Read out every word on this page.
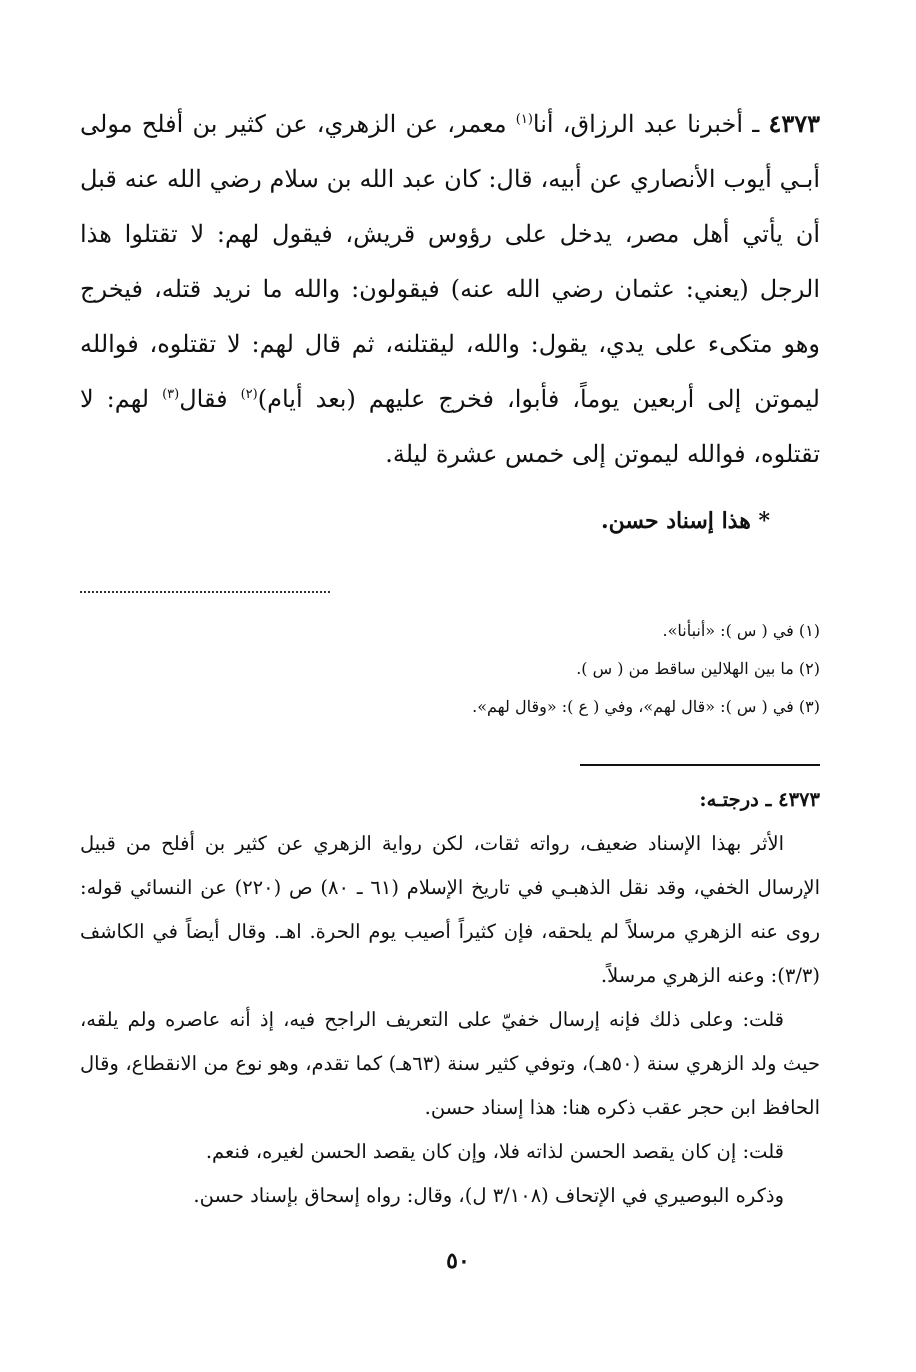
٤٣٧٣ ـ أخبرنا عبد الرزاق، أنا$^{(١)}$ معمر، عن الزهري، عن كثير بن أفلح مولى أبـي أيوب الأنصاري عن أبيه، قال: كان عبد الله بن سلام رضي الله عنه قبل أن يأتي أهل مصر، يدخل على رؤوس قريش، فيقول لهم: لا تقتلوا هذا الرجل (يعني: عثمان رضي الله عنه) فيقولون: والله ما نريد قتله، فيخرج وهو متكىء على يدي، يقول: والله، ليقتلنه، ثم قال لهم: لا تقتلوه، فوالله ليموتن إلى أربعين يوماً، فأبوا، فخرج عليهم (بعد أيام)$^{(٢)}$ فقال$^{(٣)}$ لهم: لا تقتلوه، فوالله ليموتن إلى خمس عشرة ليلة.

* هذا إسناد حسن.
(١) في ( س ): «أنبأنا».
(٢) ما بين الهلالين ساقط من ( س ).
(٣) في ( س ): «قال لهم»، وفي ( ع ): «وقال لهم».
٤٣٧٣ ـ درجتـه:

الأثر بهذا الإسناد ضعيف، رواته ثقات، لكن رواية الزهري عن كثير بن أفلح من قبيل الإرسال الخفي، وقد نقل الذهبـي في تاريخ الإسلام (٦١ ـ ٨٠) ص (٢٢٠) عن النسائي قوله: روى عنه الزهري مرسلاً لم يلحقه، فإن كثيراً أصيب يوم الحرة. اهـ. وقال أيضاً في الكاشف (٣/٣): وعنه الزهري مرسلاً.

قلت: وعلى ذلك فإنه إرسال خفيّ على التعريف الراجح فيه، إذ أنه عاصره ولم يلقه، حيث ولد الزهري سنة (٥٠هـ)، وتوفي كثير سنة (٦٣هـ) كما تقدم، وهو نوع من الانقطاع، وقال الحافظ ابن حجر عقب ذكره هنا: هذا إسناد حسن.

قلت: إن كان يقصد الحسن لذاته فلا، وإن كان يقصد الحسن لغيره، فنعم.

وذكره البوصيري في الإتحاف (٣/١٠٨ ل)، وقال: رواه إسحاق بإسناد حسن.

٥٠
